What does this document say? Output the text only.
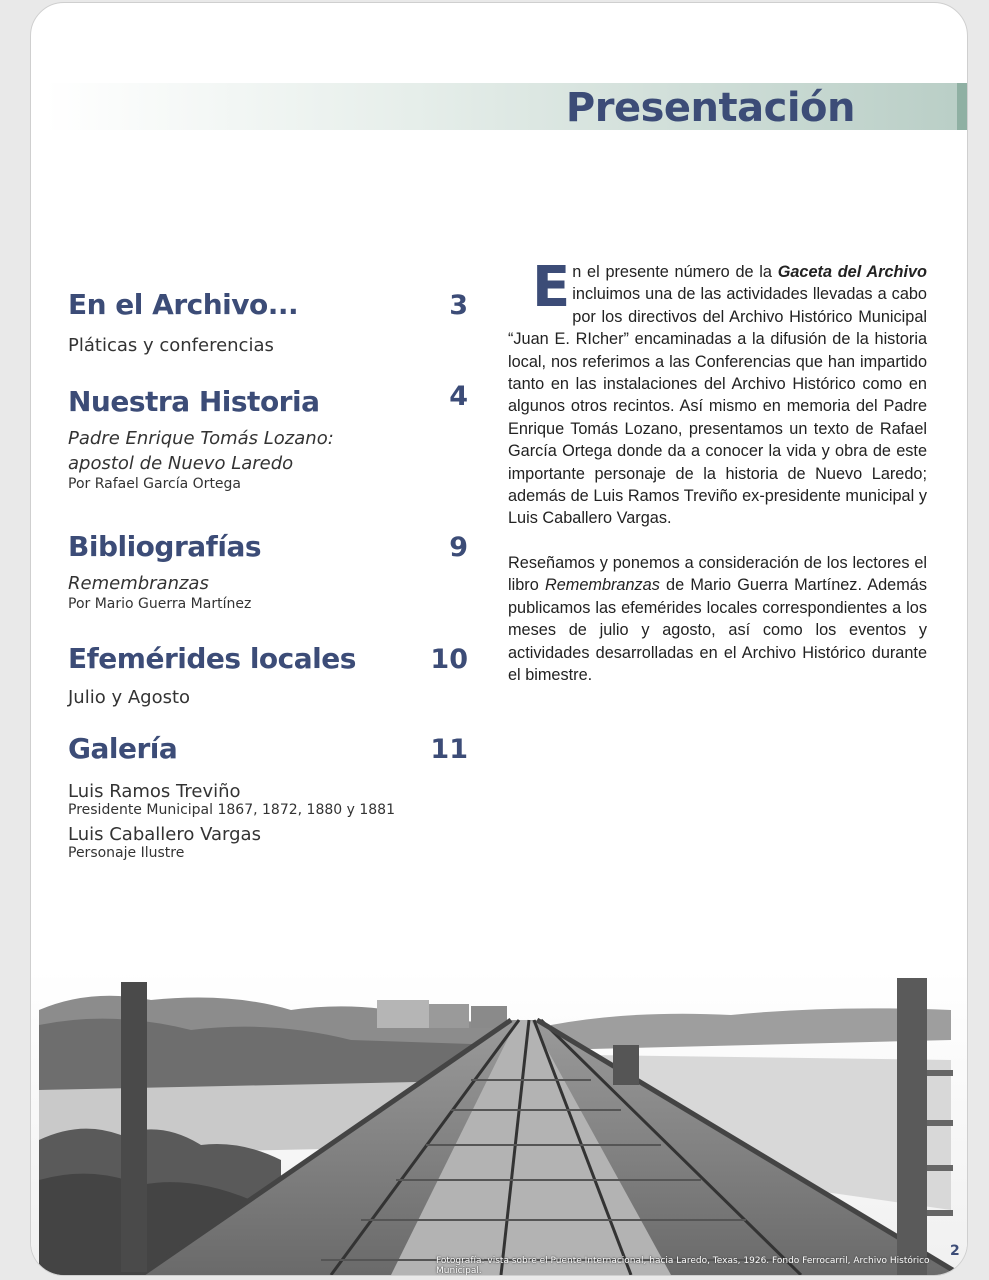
Presentación
En el Archivo...	3
Pláticas y conferencias
Nuestra Historia	4
Padre Enrique Tomás Lozano:
apostol de Nuevo Laredo
Por Rafael García Ortega
Bibliografías	9
Remembranzas
Por Mario Guerra Martínez
Efemérides locales	10
Julio y Agosto
Galería	11
Luis Ramos Treviño
Presidente Municipal 1867, 1872, 1880 y 1881
Luis Caballero Vargas
Personaje Ilustre

En el presente número de la Gaceta del Archivo incluimos una de las actividades llevadas a cabo por los directivos del Archivo Histórico Municipal “Juan E. RIcher” encaminadas a la difusión de la historia local, nos referimos a las Conferencias que han impartido tanto en las instalaciones del Archivo Histórico como en algunos otros recintos. Así mismo en memoria del Padre Enrique Tomás Lozano, presentamos un texto de Rafael García Ortega donde da a conocer la vida y obra de este importante personaje de la historia de Nuevo Laredo; además de Luis Ramos Treviño ex-presidente municipal y Luis Caballero Vargas.

Reseñamos y ponemos a consideración de los lectores el libro Remembranzas de Mario Guerra Martínez. Además publicamos las efemérides locales correspondientes a los meses de julio y agosto, así como los eventos y actividades desarrolladas en el Archivo Histórico durante el bimestre.

Fotografía: vista sobre el Puente Internacional, hacia Laredo, Texas, 1926. Fondo Ferrocarril, Archivo Histórico Municipal.
2
